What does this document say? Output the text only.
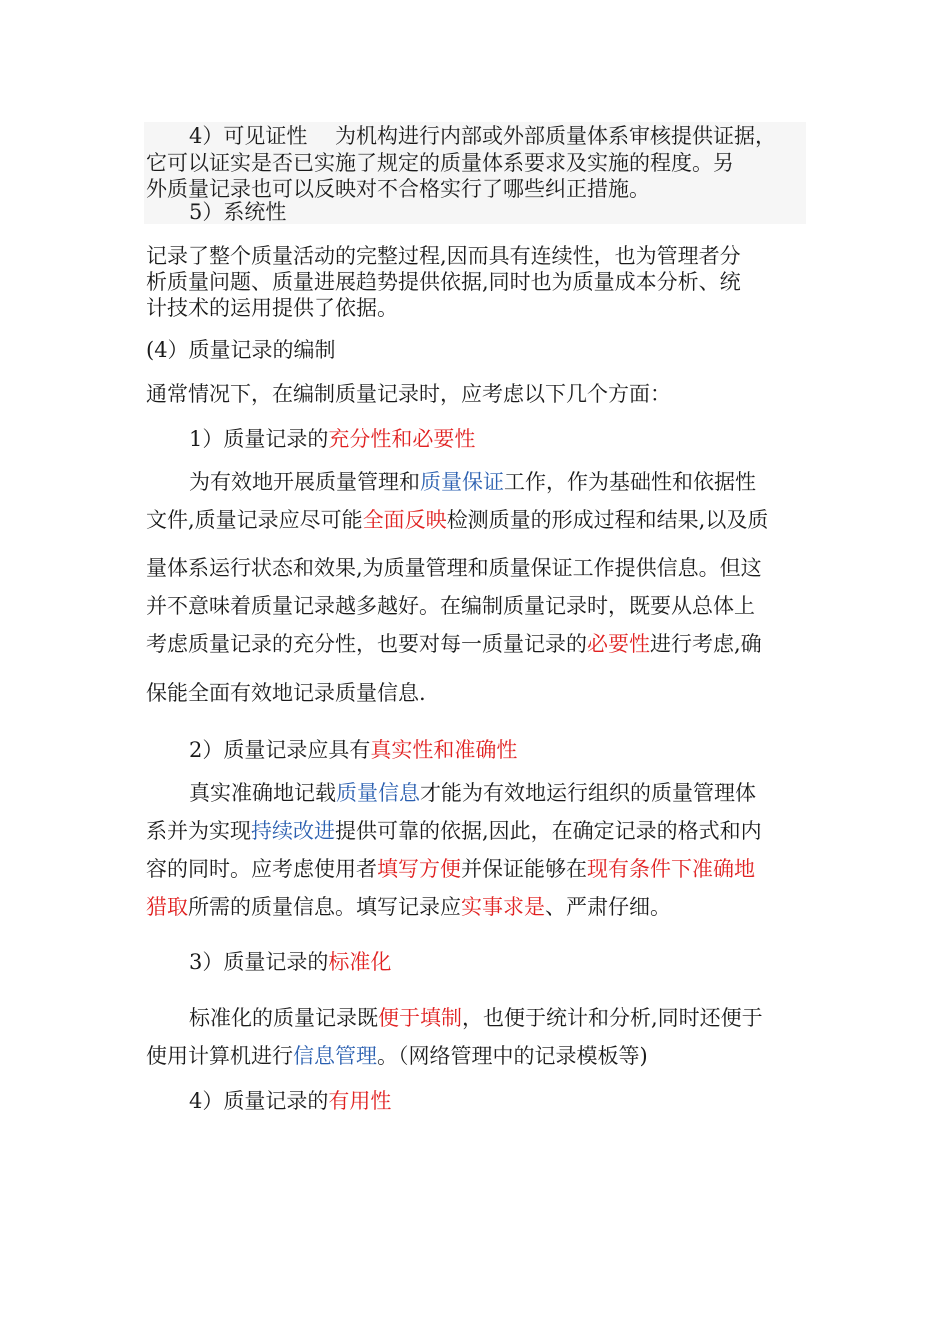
4）可见证性　 为机构进行内部或外部质量体系审核提供证据，
它可以证实是否已实施了规定的质量体系要求及实施的程度。另
外质量记录也可以反映对不合格实行了哪些纠正措施。
5）系统性
记录了整个质量活动的完整过程,因而具有连续性，也为管理者分
析质量问题、质量进展趋势提供依据,同时也为质量成本分析、统
计技术的运用提供了依据。
(4）质量记录的编制
通常情况下，在编制质量记录时，应考虑以下几个方面：
1）质量记录的充分性和必要性
为有效地开展质量管理和质量保证工作，作为基础性和依据性
文件,质量记录应尽可能全面反映检测质量的形成过程和结果,以及质
量体系运行状态和效果,为质量管理和质量保证工作提供信息。但这
并不意味着质量记录越多越好。在编制质量记录时，既要从总体上
考虑质量记录的充分性，也要对每一质量记录的必要性进行考虑,确
保能全面有效地记录质量信息.
2）质量记录应具有真实性和准确性
真实准确地记载质量信息才能为有效地运行组织的质量管理体
系并为实现持续改进提供可靠的依据,因此，在确定记录的格式和内
容的同时。应考虑使用者填写方便并保证能够在现有条件下准确地
猎取所需的质量信息。填写记录应实事求是、严肃仔细。
3）质量记录的标准化
标准化的质量记录既便于填制，也便于统计和分析,同时还便于
使用计算机进行信息管理。（网络管理中的记录模板等)
4）质量记录的有用性
